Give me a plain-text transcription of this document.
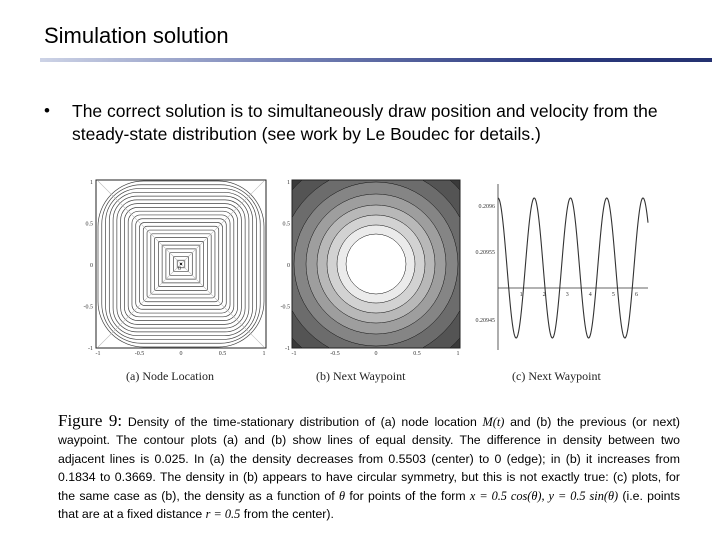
Simulation solution
•	The correct solution is to simultaneously draw position and velocity from the steady-state distribution (see work by Le Boudec for details.)
0
-1	-0.5	0	0.5	1
1
0.5
0
-0.5
-1
(a) Node Location
-1	-0.5	0	0.5	1
1
0.5
0
-0.5
-1
(b) Next Waypoint
0.2096
0.20955
0.20945
1	2	3	4	5	6
(c) Next Waypoint
Figure 9: Density of the time-stationary distribution of (a) node location M(t) and (b) the previous (or next) waypoint. The contour plots (a) and (b) show lines of equal density. The difference in density between two adjacent lines is 0.025. In (a) the density decreases from 0.5503 (center) to 0 (edge); in (b) it increases from 0.1834 to 0.3669. The density in (b) appears to have circular symmetry, but this is not exactly true: (c) plots, for the same case as (b), the density as a function of θ for points of the form x = 0.5 cos(θ), y = 0.5 sin(θ) (i.e. points that are at a fixed distance r = 0.5 from the center).
